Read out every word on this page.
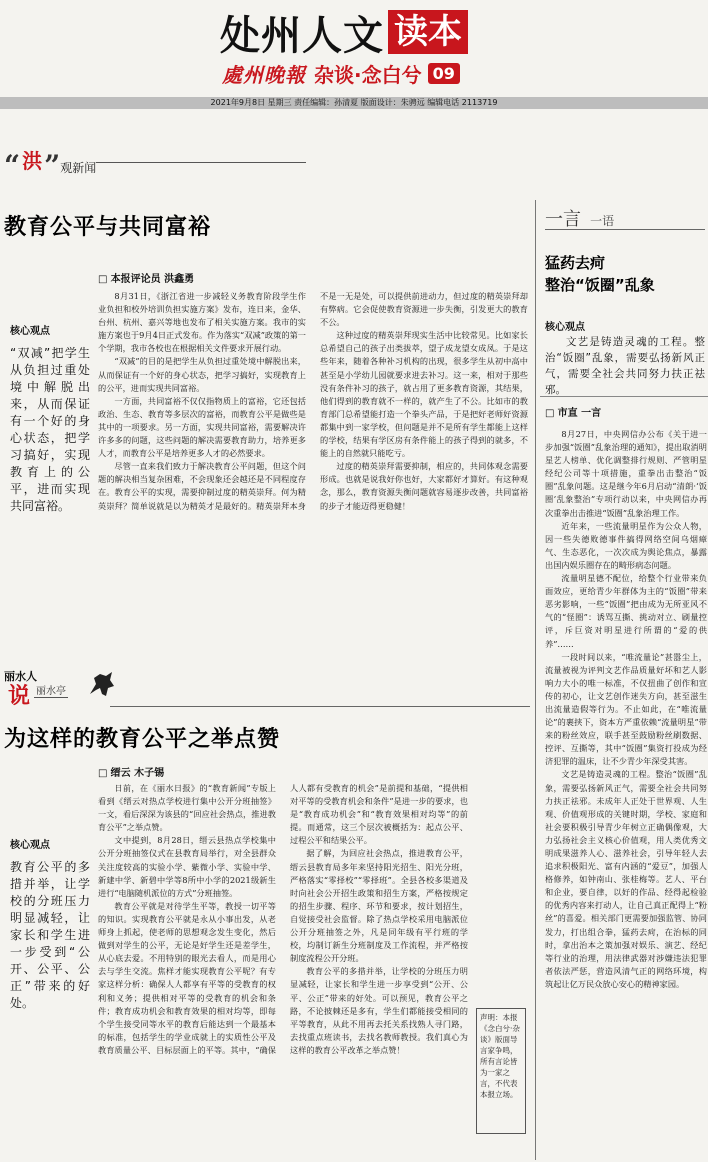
处州人文 读本
處州晚報 杂谈·念白兮 09
2021年9月8日 星期三 责任编辑：孙清夏 版面设计：朱骋远 编辑电话 2113719
“ 洪 ” 观新闻
教育公平与共同富裕
□ 本报评论员 洪鑫勇
核心观点
“双减”把学生从负担过重处境中解脱出来，从而保证有一个好的身心状态，把学习搞好，实现教育上的公平，进而实现共同富裕。

8月31日，《浙江省进一步减轻义务教育阶段学生作业负担和校外培训负担实施方案》发布，连日来，金华、台州、杭州、嘉兴等地也发布了相关实施方案。我市的实施方案也于9月4日正式发布。作为落实“双减”政策的第一个学期，我市各校也在根据相关文件要求开展行动。

“双减”的目的是把学生从负担过重处境中解脱出来，从而保证有一个好的身心状态，把学习搞好，实现教育上的公平，进而实现共同富裕。

一方面，共同富裕不仅仅指物质上的富裕，它还包括政治、生态、教育等多层次的富裕，而教育公平是做些是其中的一项要求。另一方面，实现共同富裕，需要解决许许多多的问题，这些问题的解决需要教育助力，培养更多人才，而教育公平是培养更多人才的必然要求。

尽管一直来我们致力于解决教育公平问题，但这个问题的解决相当复杂困难，不会现象还会越还是不同程度存在。教育公平的实现，需要抑制过度的精英崇拜。何为精英崇拜？简单说就是以为精英才是最好的。精英崇拜本身不是一无是处，可以提供前进动力，但过度的精英崇拜却有弊病。它会促使教育资源进一步失衡，引发更大的教育不公。

这种过度的精英崇拜现实生活中比较常见。比如家长总希望自己的孩子出类拔萃，望子成龙望女成凤。于是这些年来，随着各种补习机构的出现，很多学生从初中高中甚至是小学幼儿园就要求进去补习。这一来，相对于那些没有条件补习的孩子，就占用了更多教育资源，其结果，他们得到的教育就不一样的，就产生了不公。比如市的教育部门总希望能打造一个拳头产品，于是把好老师好资源都集中到一家学校，但问题是并不是所有学生都能上这样的学校，结果有学区房有条件能上的孩子得到的就多，不能上的自然就只能吃亏。

过度的精英崇拜需要抑制，相应的，共同体观念需要形成。也就是说我好你也好，大家都好才算好。有这种观念，那么，教育资源失衡问题就容易逐步改善，共同富裕的步子才能迈得更稳健！

丽水人
说 丽水亭
为这样的教育公平之举点赞
□ 缙云 木子锡
核心观点
教育公平的多措并举，让学校的分班压力明显减轻，让家长和学生进一步受到“公开、公平、公正”带来的好处。

日前，在《丽水日报》的“教育新闻”专版上看到《缙云对热点学校进行集中公开分班抽签》一文，看后深深为该县的“回应社会热点，推进教育公平”之举点赞。

文中提到，8月28日，缙云县热点学校集中公开分班抽签仪式在县教育局举行，对全县群众关注度较高的实验小学、紫微小学、实验中学、新建中学、新碧中学等8所中小学的2021级新生进行“电脑随机派位的方式”分班抽签。

教育公平就是对待学生平等，教授一切平等的知识。实现教育公平就是永从小事出发，从老师身上抓起，使老师的思想观念发生变化，然后做到对学生的公平，无论是好学生还是差学生，从心底去爱。不用特别的眼光去看人，而是用心去与学生交流。焦样才能实现教育公平呢？有专家这样分析：确保人人都享有平等的受教育的权利和义务；提供相对平等的受教育的机会和条件；教育成功机会和教育效果的相对均等，即每个学生接受同等水平的教育后能达到一个最基本的标准，包括学生的学业成就上的实质性公平及教育质量公平、目标层面上的平等。其中，“确保人人都有受教育的机会”是前提和基础，“提供相对平等的受教育机会和条件”是进一步的要求，也是“教育成功机会”和“教育效果相对均等”的前提。而通常，这三个层次被概括为：起点公平、过程公平和结果公平。

据了解，为回应社会热点，推进教育公平，缙云县教育局多年来坚持阳光招生、阳光分班，严格落实“零择校”“零择班”。全县各校多渠道及时向社会公开招生政策和招生方案，严格按规定的招生步骤、程序、环节和要求，按计划招生，自觉接受社会监督。除了热点学校采用电脑派位公开分班抽签之外，凡是同年级有平行班的学校，均制订新生分班制度及工作流程，并严格按制度流程公开分班。

教育公平的多措并举，让学校的分班压力明显减轻，让家长和学生进一步享受到“公开、公平、公正”带来的好处。可以预见，教育公平之路，不论披棘还是多有，学生们都能接受相同的平等教育，从此不用再去托关系找熟人寻门路，去找重点班读书，去找名教师教授。我们真心为这样的教育公平改革之举点赞！

声明：本报《念白兮·杂谈》版面导言家争鸣，所有言论皆为一家之言，不代表本报立场。
一言 一语
猛药去疴
整治“饭圈”乱象
核心观点
文艺是铸造灵魂的工程。整治“饭圈”乱象，需要弘扬新风正气，需要全社会共同努力扶正祛邪。
□ 市直 一言

8月27日，中央网信办公布《关于进一步加强“饭圈”乱象治理的通知》，提出取消明星艺人榜单、优化调整排行规则、严管明星经纪公司等十项措施，重拳出击整治“饭圈”乱象问题。这是继今年6月启动“清朗·‘饭圈’乱象整治”专项行动以来，中央网信办再次重拳出击推进“饭圈”乱象治理工作。

近年来，一些流量明星作为公众人物，因一些失德败德事件搞得网络空间乌烟瘴气、生态恶化，一次次成为舆论焦点，暴露出国内娱乐圈存在的畸形病态问题。

流量明星德不配位，给整个行业带来负面效应，更给青少年群体为主的“饭圈”带来恶劣影响，一些“饭圈”把由成为无所亚风不气的“怪圈”：诱骂互撕、挑动对立、刷量控评，斥巨资对明星进行所谓的“爱的供养”……

一段时间以来，“唯流量论”甚嚣尘上，流量被视为评判文艺作品质量好坏和艺人影响力大小的唯一标准，不仅扭曲了创作和宣传的初心，让文艺创作迷失方向，甚至滋生出流量造假等行为。不止如此，在“唯流量论”的裹挟下，资本方严重依赖“流量明星”带来的粉丝效应，联手甚至鼓励粉丝刷数据、控评、互撕等，其中“饭圈”集资打投成为经济犯罪的温床，让不少青少年深受其害。

文艺是铸造灵魂的工程。整治“饭圈”乱象，需要弘扬新风正气，需要全社会共同努力扶正祛邪。未成年人正处于世界观、人生观、价值观形成的关键时期，学校、家庭和社会要积极引导青少年树立正确偶像观，大力弘扬社会主义核心价值观，用人类优秀文明成果滋养人心、滋养社会，引导年轻人去追求积极阳光、富有内涵的“爱豆”，加强人格修养，如钟南山、张桂梅等。艺人、平台和企业，要自律，以好的作品、经得起检验的优秀内容来打动人，让自己真正配得上“粉丝”的喜爱。相关部门更需要加强监管、协同发力，打出组合拳，猛药去疴，在治标的同时，拿出治本之策加强对娱乐、演艺、经纪等行业的治理，用法律武器对涉嫌违法犯罪者依法严惩，营造风清气正的网络环境，构筑起让亿万民众放心安心的精神家园。
